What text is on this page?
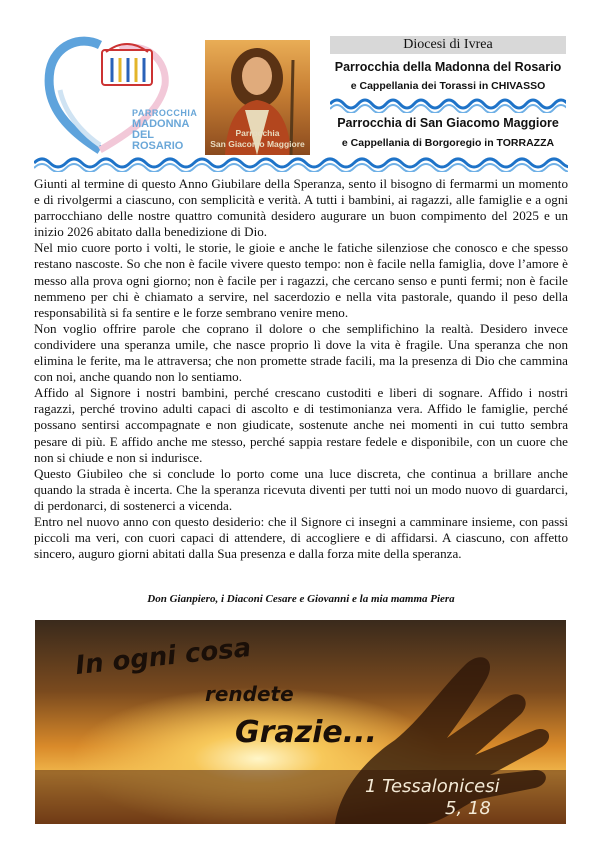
PARROCCHIA
MADONNA
DEL
ROSARIO
Parrocchia
San Giacomo Maggiore
Diocesi di Ivrea
Parrocchia della Madonna del Rosario
e Cappellania dei Torassi in CHIVASSO
Parrocchia di San Giacomo Maggiore
e Cappellania di Borgoregio in TORRAZZA

Giunti al termine di questo Anno Giubilare della Speranza, sento il bisogno di fermarmi un momento e di rivolgermi a ciascuno, con semplicità e verità. A tutti i bambini, ai ragazzi, alle famiglie e a ogni parrocchiano delle nostre quattro comunità desidero augurare un buon compimento del 2025 e un inizio 2026 abitato dalla benedizione di Dio.

Nel mio cuore porto i volti, le storie, le gioie e anche le fatiche silenziose che conosco e che spesso restano nascoste. So che non è facile vivere questo tempo: non è facile nella famiglia, dove l’amore è messo alla prova ogni giorno; non è facile per i ragazzi, che cercano senso e punti fermi; non è facile nemmeno per chi è chiamato a servire, nel sacerdozio e nella vita pastorale, quando il peso della responsabilità si fa sentire e le forze sembrano venire meno.

Non voglio offrire parole che coprano il dolore o che semplifichino la realtà. Desidero invece condividere una speranza umile, che nasce proprio lì dove la vita è fragile. Una speranza che non elimina le ferite, ma le attraversa; che non promette strade facili, ma la presenza di Dio che cammina con noi, anche quando non lo sentiamo.

Affido al Signore i nostri bambini, perché crescano custoditi e liberi di sognare. Affido i nostri ragazzi, perché trovino adulti capaci di ascolto e di testimonianza vera. Affido le famiglie, perché possano sentirsi accompagnate e non giudicate, sostenute anche nei momenti in cui tutto sembra pesare di più. E affido anche me stesso, perché sappia restare fedele e disponibile, con un cuore che non si chiude e non si indurisce.

Questo Giubileo che si conclude lo porto come una luce discreta, che continua a brillare anche quando la strada è incerta. Che la speranza ricevuta diventi per tutti noi un modo nuovo di guardarci, di perdonarci, di sostenerci a vicenda.

Entro nel nuovo anno con questo desiderio: che il Signore ci insegni a camminare insieme, con passi piccoli ma veri, con cuori capaci di attendere, di accogliere e di affidarsi. A ciascuno, con affetto sincero, auguro giorni abitati dalla Sua presenza e dalla forza mite della speranza.

Don Gianpiero, i Diaconi Cesare e Giovanni e la mia mamma Piera
In ogni cosa
rendete
Grazie...
1 Tessalonicesi
5, 18
